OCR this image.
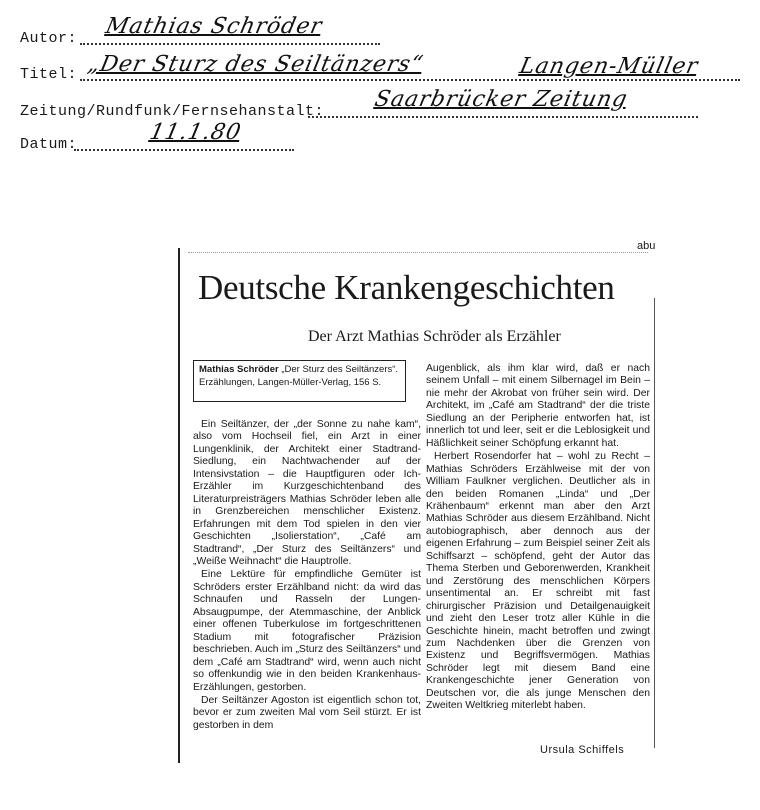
Autor: Mathias Schröder
Titel: „Der Sturz des Seiltänzers“	Langen-Müller
Zeitung/Rundfunk/Fernsehanstalt: Saarbrücker Zeitung
Datum:	11.1.80
abu
Deutsche Krankengeschichten
Der Arzt Mathias Schröder als Erzähler
Mathias Schröder „Der Sturz des Seiltänzers“. Erzählungen, Langen-Müller-Verlag, 156 S.

Ein Seiltänzer, der „der Sonne zu nahe kam“, also vom Hochseil fiel, ein Arzt in einer Lungenklinik, der Architekt einer Stadtrand-Siedlung, ein Nachtwachender auf der Intensivstation – die Hauptfiguren oder Ich-Erzähler im Kurzgeschichtenband des Literaturpreisträgers Mathias Schröder leben alle in Grenzbereichen menschlicher Existenz. Erfahrungen mit dem Tod spielen in den vier Geschichten „Isolierstation“, „Café am Stadtrand“, „Der Sturz des Seiltänzers“ und „Weiße Weihnacht“ die Hauptrolle.

Eine Lektüre für empfindliche Gemüter ist Schröders erster Erzählband nicht: da wird das Schnaufen und Rasseln der Lungen-Absaugpumpe, der Atemmaschine, der Anblick einer offenen Tuberkulose im fortgeschrittenen Stadium mit fotografischer Präzision beschrieben. Auch im „Sturz des Seiltänzers“ und dem „Café am Stadtrand“ wird, wenn auch nicht so offenkundig wie in den beiden Krankenhaus-Erzählungen, gestorben.

Der Seiltänzer Agoston ist eigentlich schon tot, bevor er zum zweiten Mal vom Seil stürzt. Er ist gestorben in dem

Augenblick, als ihm klar wird, daß er nach seinem Unfall – mit einem Silbernagel im Bein – nie mehr der Akrobat von früher sein wird. Der Architekt, im „Café am Stadtrand“ der die triste Siedlung an der Peripherie entworfen hat, ist innerlich tot und leer, seit er die Leblosigkeit und Häßlichkeit seiner Schöpfung erkannt hat.

Herbert Rosendorfer hat – wohl zu Recht – Mathias Schröders Erzählweise mit der von William Faulkner verglichen. Deutlicher als in den beiden Romanen „Linda“ und „Der Krähenbaum“ erkennt man aber den Arzt Mathias Schröder aus diesem Erzählband. Nicht autobiographisch, aber dennoch aus der eigenen Erfahrung – zum Beispiel seiner Zeit als Schiffsarzt – schöpfend, geht der Autor das Thema Sterben und Geborenwerden, Krankheit und Zerstörung des menschlichen Körpers unsentimental an. Er schreibt mit fast chirurgischer Präzision und Detailgenauigkeit und zieht den Leser trotz aller Kühle in die Geschichte hinein, macht betroffen und zwingt zum Nachdenken über die Grenzen von Existenz und Begriffsvermögen. Mathias Schröder legt mit diesem Band eine Krankengeschichte jener Generation von Deutschen vor, die als junge Menschen den Zweiten Weltkrieg miterlebt haben.

Ursula Schiffels
